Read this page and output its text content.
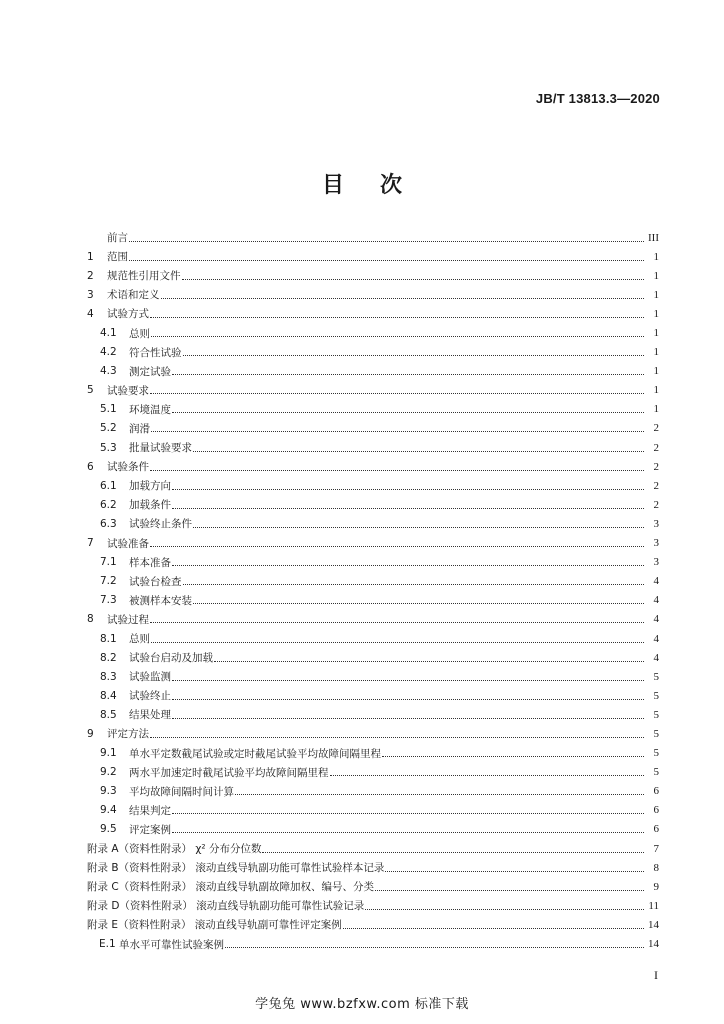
JB/T 13813.3—2020
目 次
前言	III
1	范围	1
2	规范性引用文件	1
3	术语和定义	1
4	试验方式	1
4.1	总则	1
4.2	符合性试验	1
4.3	测定试验	1
5	试验要求	1
5.1	环境温度	1
5.2	润滑	2
5.3	批量试验要求	2
6	试验条件	2
6.1	加载方向	2
6.2	加载条件	2
6.3	试验终止条件	3
7	试验准备	3
7.1	样本准备	3
7.2	试验台检查	4
7.3	被测样本安装	4
8	试验过程	4
8.1	总则	4
8.2	试验台启动及加载	4
8.3	试验监测	5
8.4	试验终止	5
8.5	结果处理	5
9	评定方法	5
9.1	单水平定数截尾试验或定时截尾试验平均故障间隔里程	5
9.2	两水平加速定时截尾试验平均故障间隔里程	5
9.3	平均故障间隔时间计算	6
9.4	结果判定	6
9.5	评定案例	6
附录 A（资料性附录） χ² 分布分位数	7
附录 B（资料性附录） 滚动直线导轨副功能可靠性试验样本记录	8
附录 C（资料性附录） 滚动直线导轨副故障加权、编号、分类	9
附录 D（资料性附录） 滚动直线导轨副功能可靠性试验记录	11
附录 E（资料性附录） 滚动直线导轨副可靠性评定案例	14
E.1 单水平可靠性试验案例	14
I
学兔兔 www.bzfxw.com 标准下载
